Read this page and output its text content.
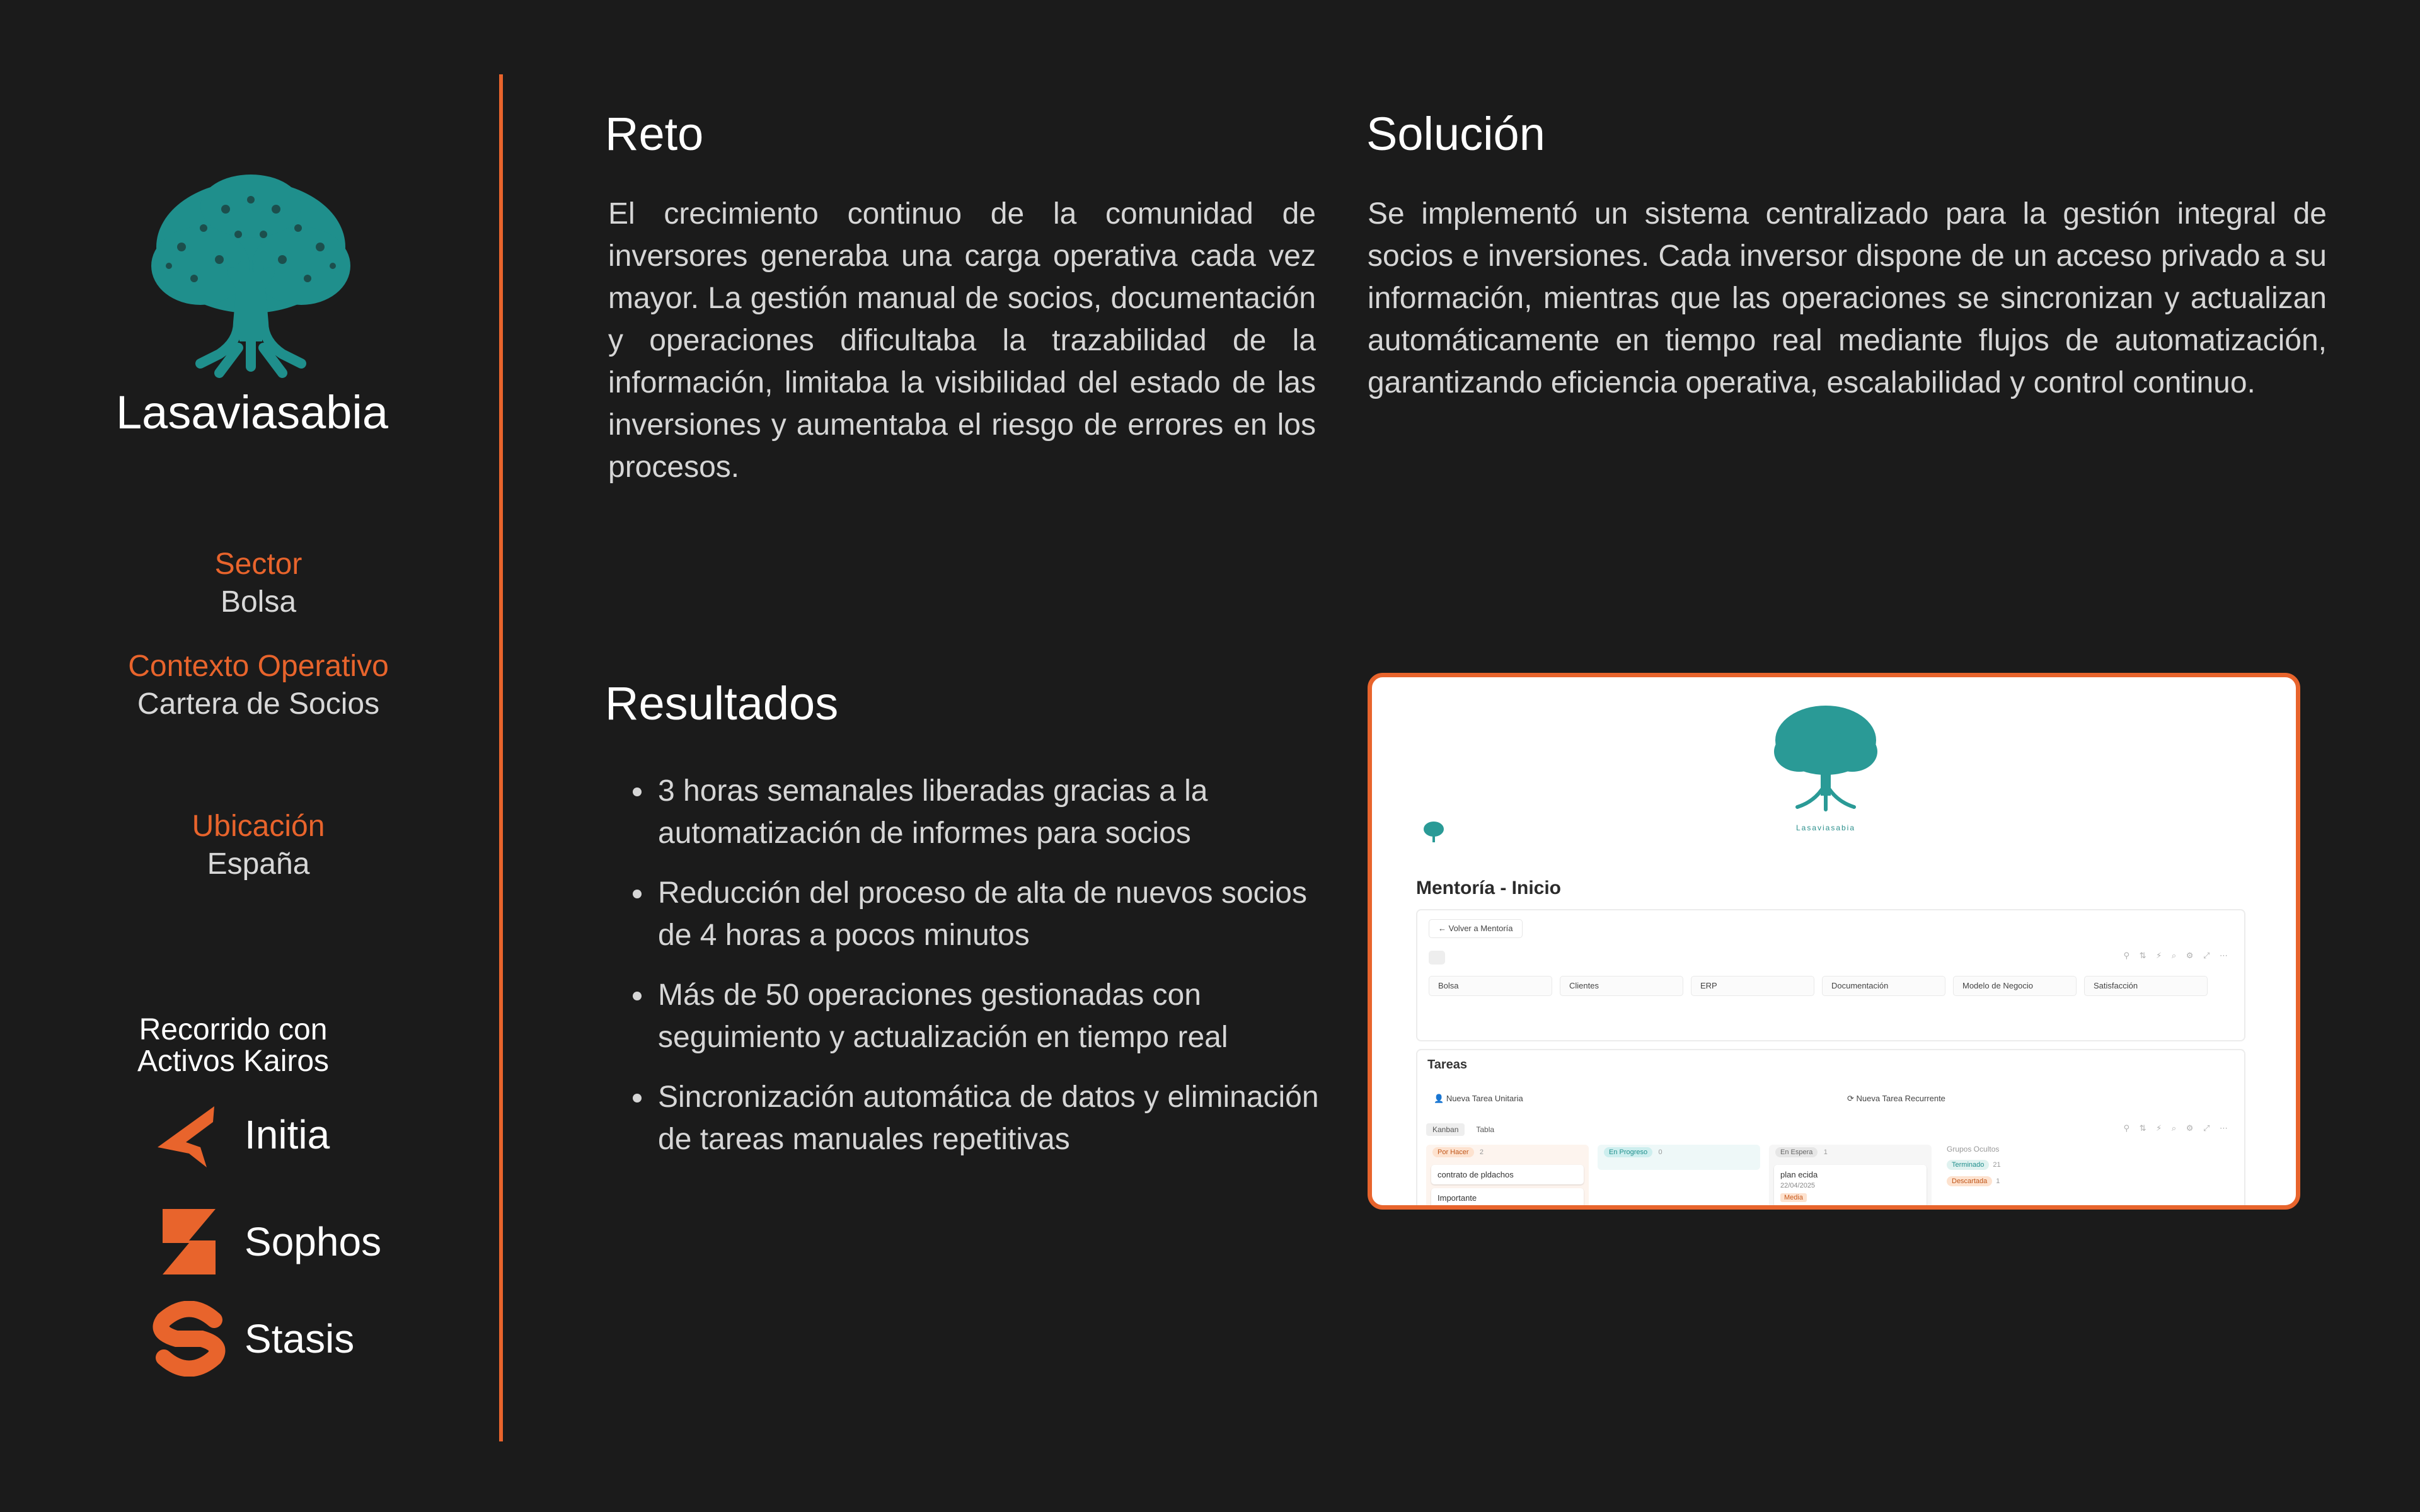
Lasaviasabia
Sector
Bolsa
Contexto Operativo
Cartera de Socios
Ubicación
España
Recorrido con
Activos Kairos
Initia
Sophos
Stasis
Reto
El crecimiento continuo de la comunidad de inversores generaba una carga operativa cada vez mayor. La gestión manual de socios, documentación y operaciones dificultaba la trazabilidad de la información, limitaba la visibilidad del estado de las inversiones y aumentaba el riesgo de errores en los procesos.
Solución
Se implementó un sistema centralizado para la gestión integral de socios e inversiones. Cada inversor dispone de un acceso privado a su información, mientras que las operaciones se sincronizan y actualizan automáticamente en tiempo real mediante flujos de automatización, garantizando eficiencia operativa, escalabilidad y control continuo.
Resultados
3 horas semanales liberadas gracias a la automatización de informes para socios
Reducción del proceso de alta de nuevos socios de 4 horas a pocos minutos
Más de 50 operaciones gestionadas con seguimiento y actualización en tiempo real
Sincronización automática de datos y eliminación de tareas manuales repetitivas
Lasaviasabia
Mentoría - Inicio
← Volver a Mentoría
⚲ ⇅ ⚡ ⌕ ⚙ ⤢ ⋯
Bolsa	Clientes	ERP	Documentación	Modelo de Negocio	Satisfacción
Tareas
👤 Nueva Tarea Unitaria	⟳ Nueva Tarea Recurrente
Kanban	Tabla	⚲ ⇅ ⚡ ⌕ ⚙ ⤢ ⋯
Por Hacer 2
contrato de pldachos
Importante
1/2
En Progreso 0	En Espera 1
plan ecida
22/04/2025
Media
Grupos Ocultos
Terminado	21
Descartada	1
